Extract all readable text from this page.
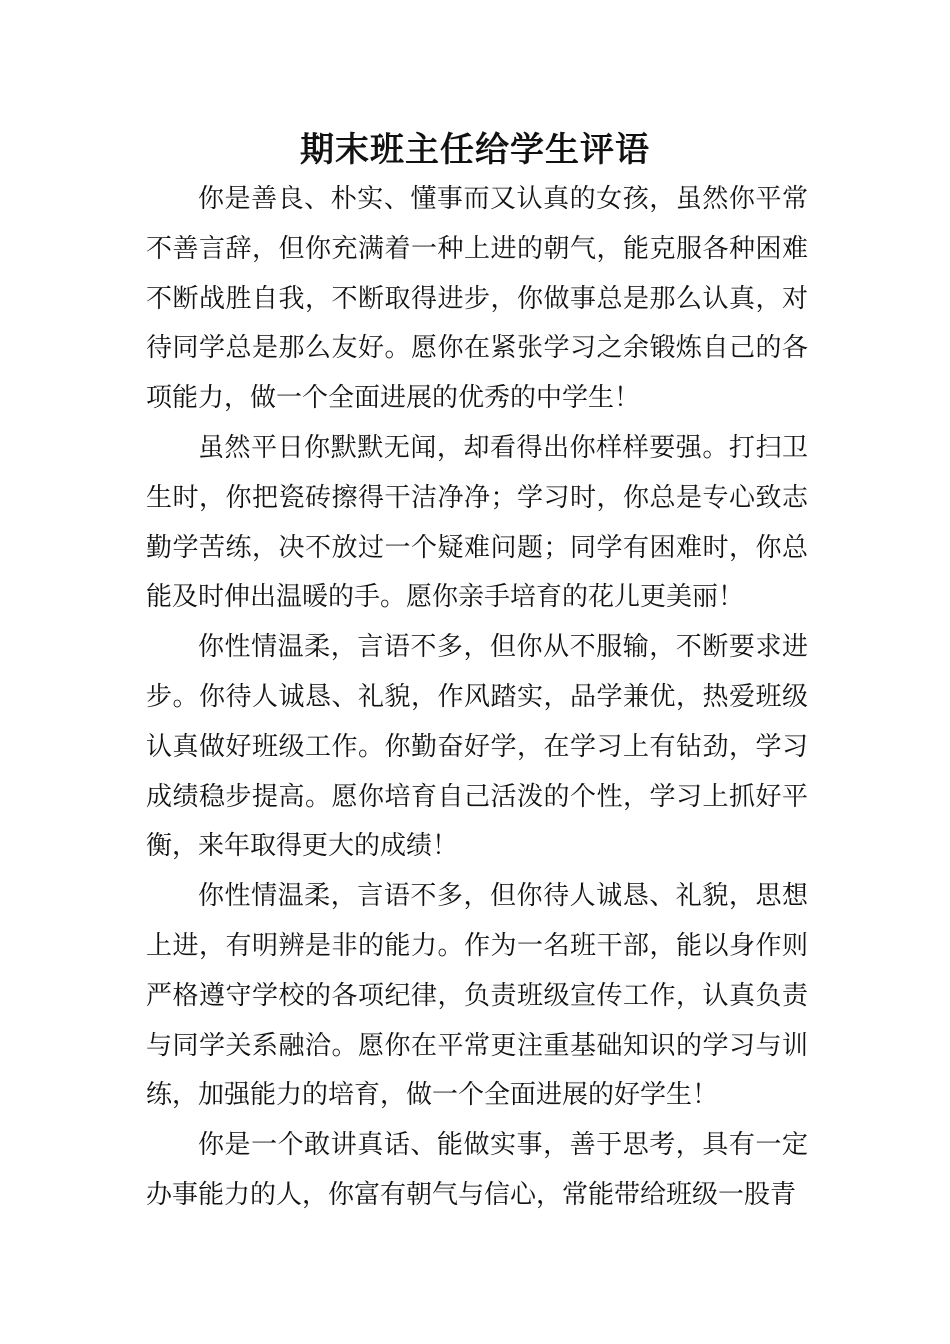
期末班主任给学生评语

你是善良、朴实、懂事而又认真的女孩，虽然你平常不善言辞，但你充满着一种上进的朝气，能克服各种困难不断战胜自我，不断取得进步，你做事总是那么认真，对待同学总是那么友好。愿你在紧张学习之余锻炼自己的各项能力，做一个全面进展的优秀的中学生！

虽然平日你默默无闻，却看得出你样样要强。打扫卫生时，你把瓷砖擦得干洁净净；学习时，你总是专心致志勤学苦练，决不放过一个疑难问题；同学有困难时，你总能及时伸出温暖的手。愿你亲手培育的花儿更美丽！

你性情温柔，言语不多，但你从不服输，不断要求进步。你待人诚恳、礼貌，作风踏实，品学兼优，热爱班级认真做好班级工作。你勤奋好学，在学习上有钻劲，学习成绩稳步提高。愿你培育自己活泼的个性，学习上抓好平衡，来年取得更大的成绩！

你性情温柔，言语不多，但你待人诚恳、礼貌，思想上进，有明辨是非的能力。作为一名班干部，能以身作则严格遵守学校的各项纪律，负责班级宣传工作，认真负责与同学关系融洽。愿你在平常更注重基础知识的学习与训练，加强能力的培育，做一个全面进展的好学生！

你是一个敢讲真话、能做实事，善于思考，具有一定办事能力的人，你富有朝气与信心，常能带给班级一股青
